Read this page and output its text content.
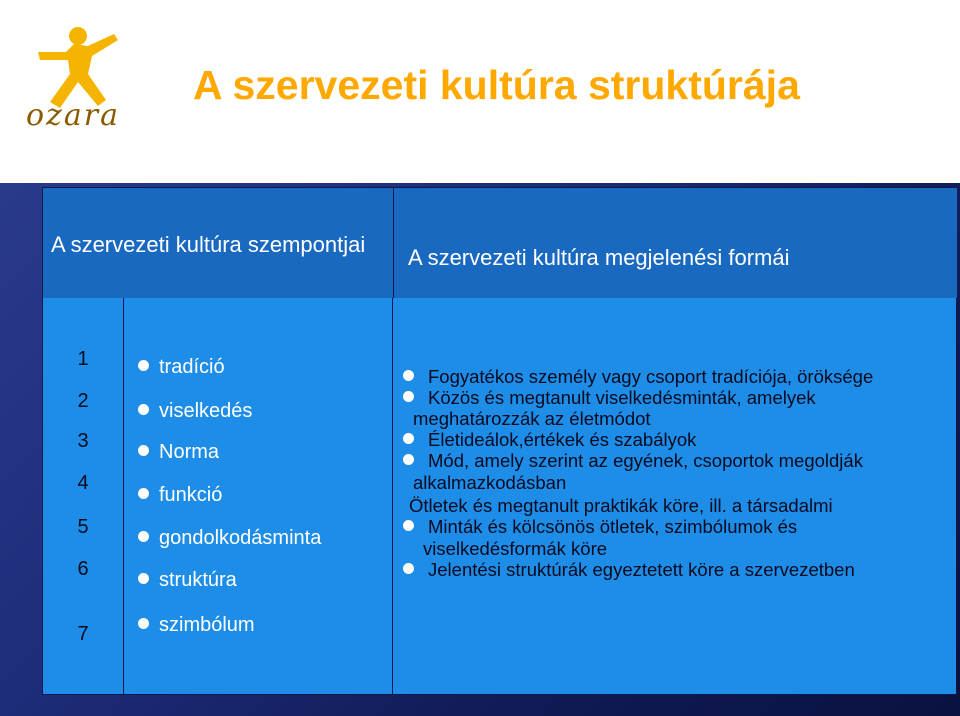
ozara
A szervezeti kultúra struktúrája
A szervezeti kultúra szempontjai
A szervezeti kultúra megjelenési formái
1
2
3
4
5
6
7
tradíció
viselkedés
Norma
funkció
gondolkodásminta
struktúra
szimbólum
Fogyatékos személy vagy csoport tradíciója, öröksége
Közös és megtanult viselkedésminták, amelyek
meghatározzák az életmódot
Életideálok,értékek és szabályok
Mód, amely szerint az egyének, csoportok megoldják
alkalmazkodásban
Ötletek és megtanult praktikák köre, ill. a társadalmi
Minták és kölcsönös ötletek, szimbólumok és
viselkedésformák köre
Jelentési struktúrák egyeztetett köre a szervezetben
